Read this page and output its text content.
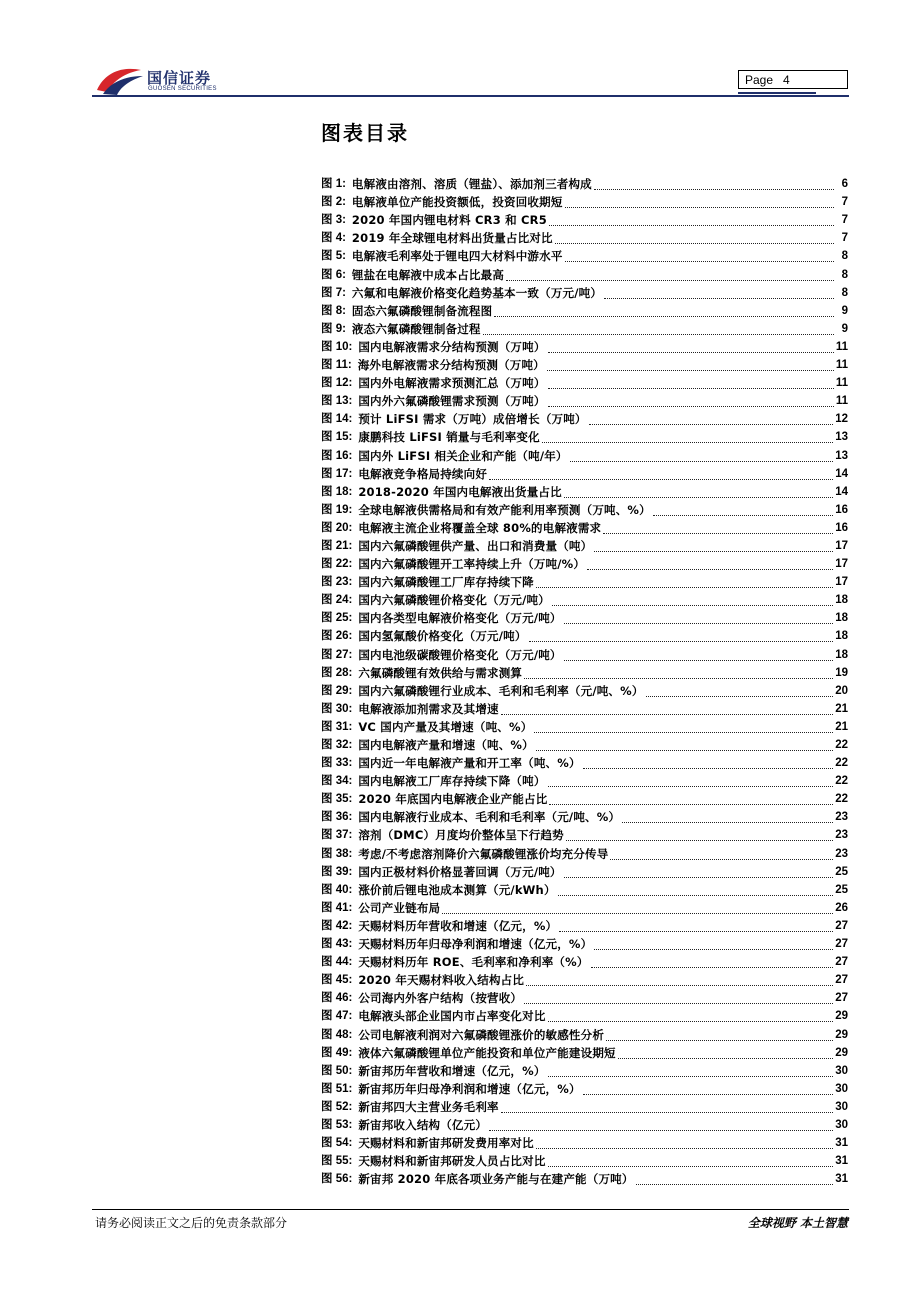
国信证券
GUOSEN SECURITIES
Page 4
图表目录
图 1: 电解液由溶剂、溶质（锂盐）、添加剂三者构成	6
图 2: 电解液单位产能投资额低，投资回收期短	7
图 3: 2020 年国内锂电材料 CR3 和 CR5	7
图 4: 2019 年全球锂电材料出货量占比对比	7
图 5: 电解液毛利率处于锂电四大材料中游水平	8
图 6: 锂盐在电解液中成本占比最高	8
图 7: 六氟和电解液价格变化趋势基本一致（万元/吨）	8
图 8: 固态六氟磷酸锂制备流程图	9
图 9: 液态六氟磷酸锂制备过程	9
图 10: 国内电解液需求分结构预测（万吨）	11
图 11: 海外电解液需求分结构预测（万吨）	11
图 12: 国内外电解液需求预测汇总（万吨）	11
图 13: 国内外六氟磷酸锂需求预测（万吨）	11
图 14: 预计 LiFSI 需求（万吨）成倍增长（万吨）	12
图 15: 康鹏科技 LiFSI 销量与毛利率变化	13
图 16: 国内外 LiFSI 相关企业和产能（吨/年）	13
图 17: 电解液竞争格局持续向好	14
图 18: 2018-2020 年国内电解液出货量占比	14
图 19: 全球电解液供需格局和有效产能利用率预测（万吨、%）	16
图 20: 电解液主流企业将覆盖全球 80%的电解液需求	16
图 21: 国内六氟磷酸锂供产量、出口和消费量（吨）	17
图 22: 国内六氟磷酸锂开工率持续上升（万吨/%）	17
图 23: 国内六氟磷酸锂工厂库存持续下降	17
图 24: 国内六氟磷酸锂价格变化（万元/吨）	18
图 25: 国内各类型电解液价格变化（万元/吨）	18
图 26: 国内氢氟酸价格变化（万元/吨）	18
图 27: 国内电池级碳酸锂价格变化（万元/吨）	18
图 28: 六氟磷酸锂有效供给与需求测算	19
图 29: 国内六氟磷酸锂行业成本、毛利和毛利率（元/吨、%）	20
图 30: 电解液添加剂需求及其增速	21
图 31: VC 国内产量及其增速（吨、%）	21
图 32: 国内电解液产量和增速（吨、%）	22
图 33: 国内近一年电解液产量和开工率（吨、%）	22
图 34: 国内电解液工厂库存持续下降（吨）	22
图 35: 2020 年底国内电解液企业产能占比	22
图 36: 国内电解液行业成本、毛利和毛利率（元/吨、%）	23
图 37: 溶剂（DMC）月度均价整体呈下行趋势	23
图 38: 考虑/不考虑溶剂降价六氟磷酸锂涨价均充分传导	23
图 39: 国内正极材料价格显著回调（万元/吨）	25
图 40: 涨价前后锂电池成本测算（元/kWh）	25
图 41: 公司产业链布局	26
图 42: 天赐材料历年营收和增速（亿元，%）	27
图 43: 天赐材料历年归母净利润和增速（亿元，%）	27
图 44: 天赐材料历年 ROE、毛利率和净利率（%）	27
图 45: 2020 年天赐材料收入结构占比	27
图 46: 公司海内外客户结构（按营收）	27
图 47: 电解液头部企业国内市占率变化对比	29
图 48: 公司电解液利润对六氟磷酸锂涨价的敏感性分析	29
图 49: 液体六氟磷酸锂单位产能投资和单位产能建设期短	29
图 50: 新宙邦历年营收和增速（亿元，%）	30
图 51: 新宙邦历年归母净利润和增速（亿元，%）	30
图 52: 新宙邦四大主营业务毛利率	30
图 53: 新宙邦收入结构（亿元）	30
图 54: 天赐材料和新宙邦研发费用率对比	31
图 55: 天赐材料和新宙邦研发人员占比对比	31
图 56: 新宙邦 2020 年底各项业务产能与在建产能（万吨）	31
请务必阅读正文之后的免责条款部分	全球视野 本土智慧
